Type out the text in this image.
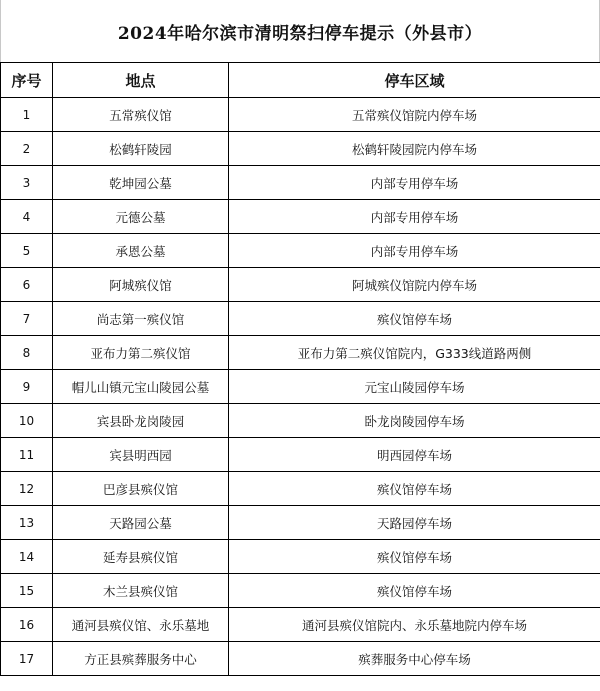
2024年哈尔滨市清明祭扫停车提示（外县市）
序号	地点	停车区域
1	五常殡仪馆	五常殡仪馆院内停车场
2	松鹤轩陵园	松鹤轩陵园院内停车场
3	乾坤园公墓	内部专用停车场
4	元德公墓	内部专用停车场
5	承恩公墓	内部专用停车场
6	阿城殡仪馆	阿城殡仪馆院内停车场
7	尚志第一殡仪馆	殡仪馆停车场
8	亚布力第二殡仪馆	亚布力第二殡仪馆院内，G333线道路两侧
9	帽儿山镇元宝山陵园公墓	元宝山陵园停车场
10	宾县卧龙岗陵园	卧龙岗陵园停车场
11	宾县明西园	明西园停车场
12	巴彦县殡仪馆	殡仪馆停车场
13	天路园公墓	天路园停车场
14	延寿县殡仪馆	殡仪馆停车场
15	木兰县殡仪馆	殡仪馆停车场
16	通河县殡仪馆、永乐墓地	通河县殡仪馆院内、永乐墓地院内停车场
17	方正县殡葬服务中心	殡葬服务中心停车场
